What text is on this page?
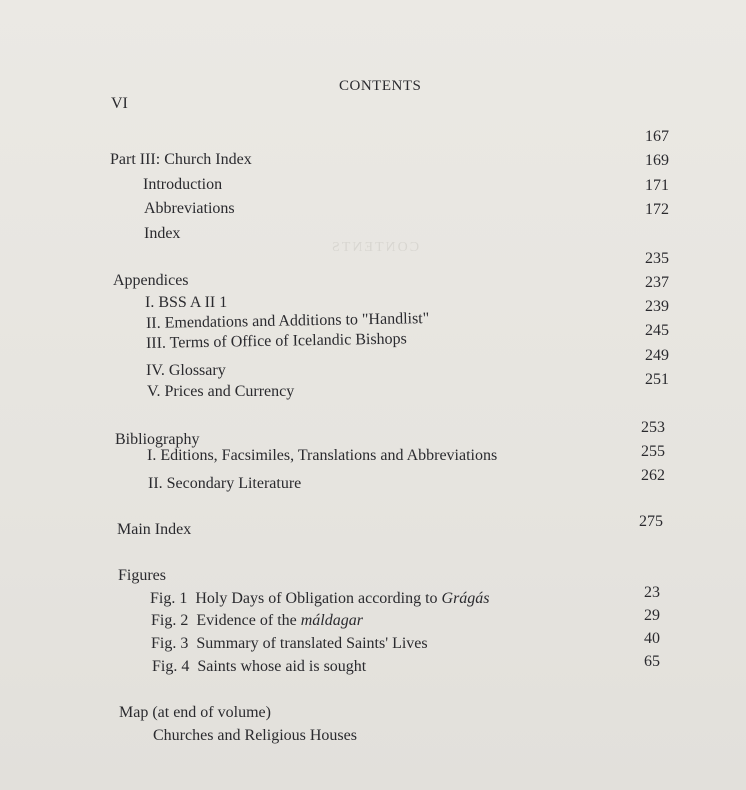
CONTENTS
CONTENTS
VI
Part III: Church Index
Introduction
Abbreviations
Index
167
169
171
172
Appendices
I. BSS A II 1
II. Emendations and Additions to "Handlist"
III. Terms of Office of Icelandic Bishops
IV. Glossary
V. Prices and Currency
235
237
239
245
249
251
Bibliography
I. Editions, Facsimiles, Translations and Abbreviations
II. Secondary Literature
253
255
262
Main Index	275
Figures
Fig. 1 Holy Days of Obligation according to Grágás
Fig. 2 Evidence of the máldagar
Fig. 3 Summary of translated Saints' Lives
Fig. 4 Saints whose aid is sought
23
29
40
65
Map (at end of volume)
Churches and Religious Houses
